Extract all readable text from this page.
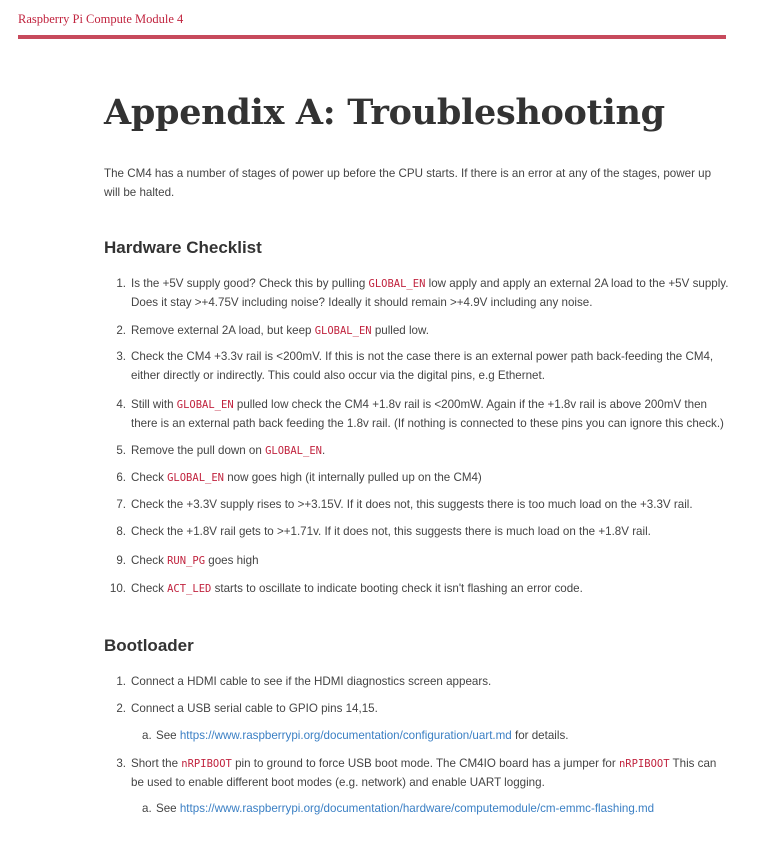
Raspberry Pi Compute Module 4
Appendix A: Troubleshooting

The CM4 has a number of stages of power up before the CPU starts. If there is an error at any of the stages, power up will be halted.

Hardware Checklist
1. Is the +5V supply good? Check this by pulling GLOBAL_EN low apply and apply an external 2A load to the +5V supply. Does it stay >+4.75V including noise? Ideally it should remain >+4.9V including any noise.
2. Remove external 2A load, but keep GLOBAL_EN pulled low.
3. Check the CM4 +3.3v rail is <200mV. If this is not the case there is an external power path back-feeding the CM4, either directly or indirectly. This could also occur via the digital pins, e.g Ethernet.
4. Still with GLOBAL_EN pulled low check the CM4 +1.8v rail is <200mW. Again if the +1.8v rail is above 200mV then there is an external path back feeding the 1.8v rail. (If nothing is connected to these pins you can ignore this check.)
5. Remove the pull down on GLOBAL_EN.
6. Check GLOBAL_EN now goes high (it internally pulled up on the CM4)
7. Check the +3.3V supply rises to >+3.15V. If it does not, this suggests there is too much load on the +3.3V rail.
8. Check the +1.8V rail gets to >+1.71v. If it does not, this suggests there is much load on the +1.8V rail.
9. Check RUN_PG goes high
10. Check ACT_LED starts to oscillate to indicate booting check it isn't flashing an error code.
Bootloader
1. Connect a HDMI cable to see if the HDMI diagnostics screen appears.
2. Connect a USB serial cable to GPIO pins 14,15.
a. See https://www.raspberrypi.org/documentation/configuration/uart.md for details.
3. Short the nRPIBOOT pin to ground to force USB boot mode. The CM4IO board has a jumper for nRPIBOOT This can be used to enable different boot modes (e.g. network) and enable UART logging.
a. See https://www.raspberrypi.org/documentation/hardware/computemodule/cm-emmc-flashing.md
